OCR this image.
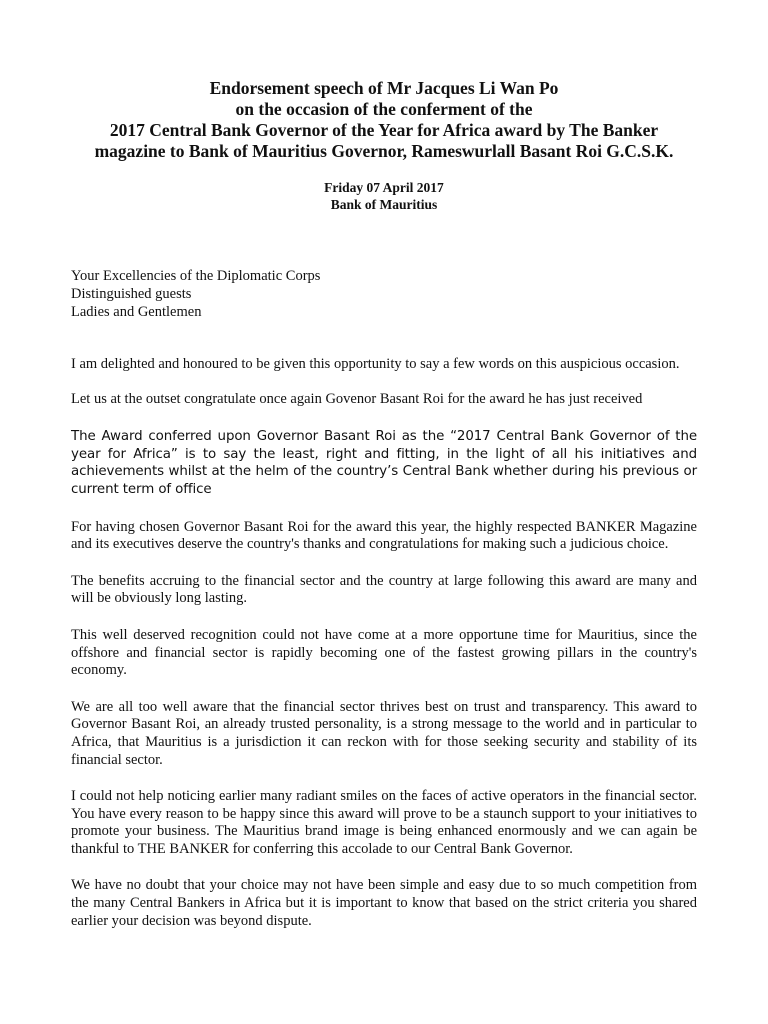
Endorsement speech of Mr Jacques Li Wan Po
on the occasion of the conferment of the
2017 Central Bank Governor of the Year for Africa award by The Banker
magazine to Bank of Mauritius Governor, Rameswurlall Basant Roi G.C.S.K.
Friday 07 April 2017
Bank of Mauritius
Your Excellencies of the Diplomatic Corps
Distinguished guests
Ladies and Gentlemen

I am delighted and honoured to be given this opportunity to say a few words on this auspicious occasion.

Let us at the outset congratulate once again Govenor Basant Roi for the award he has just received

The Award conferred upon Governor Basant Roi as the “2017 Central Bank Governor of the year for Africa” is to say the least, right and fitting, in the light of all his initiatives and achievements whilst at the helm of the country’s Central Bank whether during his previous or current term of office

For having chosen Governor Basant Roi for the award this year, the highly respected BANKER Magazine and its executives deserve the country's thanks and congratulations for making such a judicious choice.

The benefits accruing to the financial sector and the country at large following this award are many and will be obviously long lasting.

This well deserved recognition could not have come at a more opportune time for Mauritius, since the offshore and financial sector is rapidly becoming one of the fastest growing pillars in the country's economy.

We are all too well aware that the financial sector thrives best on trust and transparency. This award to Governor Basant Roi, an already trusted personality, is a strong message to the world and in particular to Africa, that Mauritius is a jurisdiction it can reckon with for those seeking security and stability of its financial sector.

I could not help noticing earlier many radiant smiles on the faces of active operators in the financial sector. You have every reason to be happy since this award will prove to be a staunch support to your initiatives to promote your business. The Mauritius brand image is being enhanced enormously and we can again be thankful to THE BANKER for conferring this accolade to our Central Bank Governor.

We have no doubt that your choice may not have been simple and easy due to so much competition from the many Central Bankers in Africa but it is important to know that based on the strict criteria you shared earlier your decision was beyond dispute.
